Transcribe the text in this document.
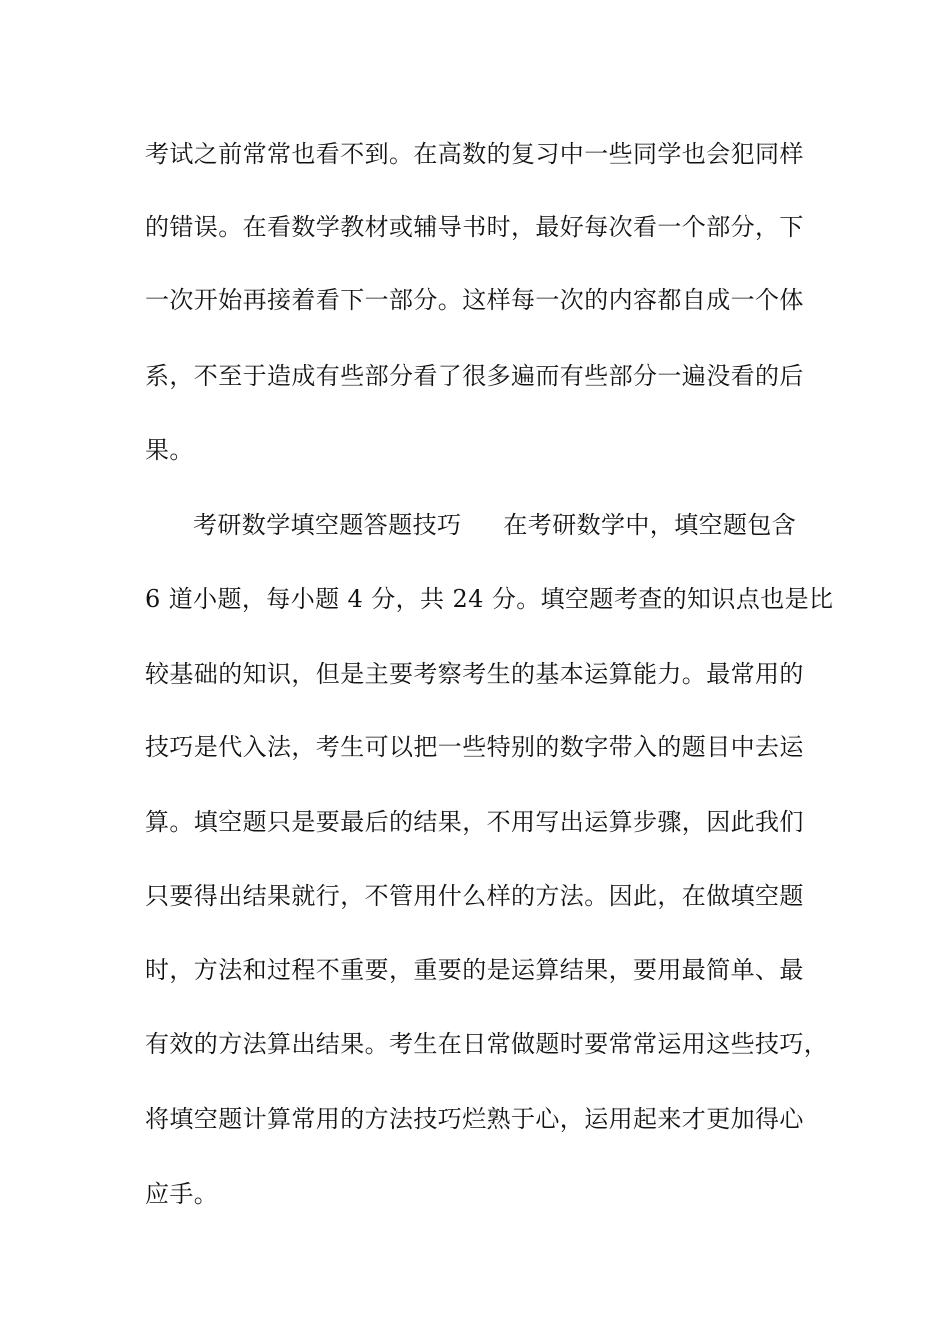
考试之前常常也看不到。在高数的复习中一些同学也会犯同样
的错误。在看数学教材或辅导书时，最好每次看一个部分，下
一次开始再接着看下一部分。这样每一次的内容都自成一个体
系，不至于造成有些部分看了很多遍而有些部分一遍没看的后
果。
考研数学填空题答题技巧 在考研数学中，填空题包含
6 道小题，每小题 4 分，共 24 分。填空题考查的知识点也是比
较基础的知识，但是主要考察考生的基本运算能力。最常用的
技巧是代入法，考生可以把一些特别的数字带入的题目中去运
算。填空题只是要最后的结果，不用写出运算步骤，因此我们
只要得出结果就行，不管用什么样的方法。因此，在做填空题
时，方法和过程不重要，重要的是运算结果，要用最简单、最
有效的方法算出结果。考生在日常做题时要常常运用这些技巧，
将填空题计算常用的方法技巧烂熟于心，运用起来才更加得心
应手。
